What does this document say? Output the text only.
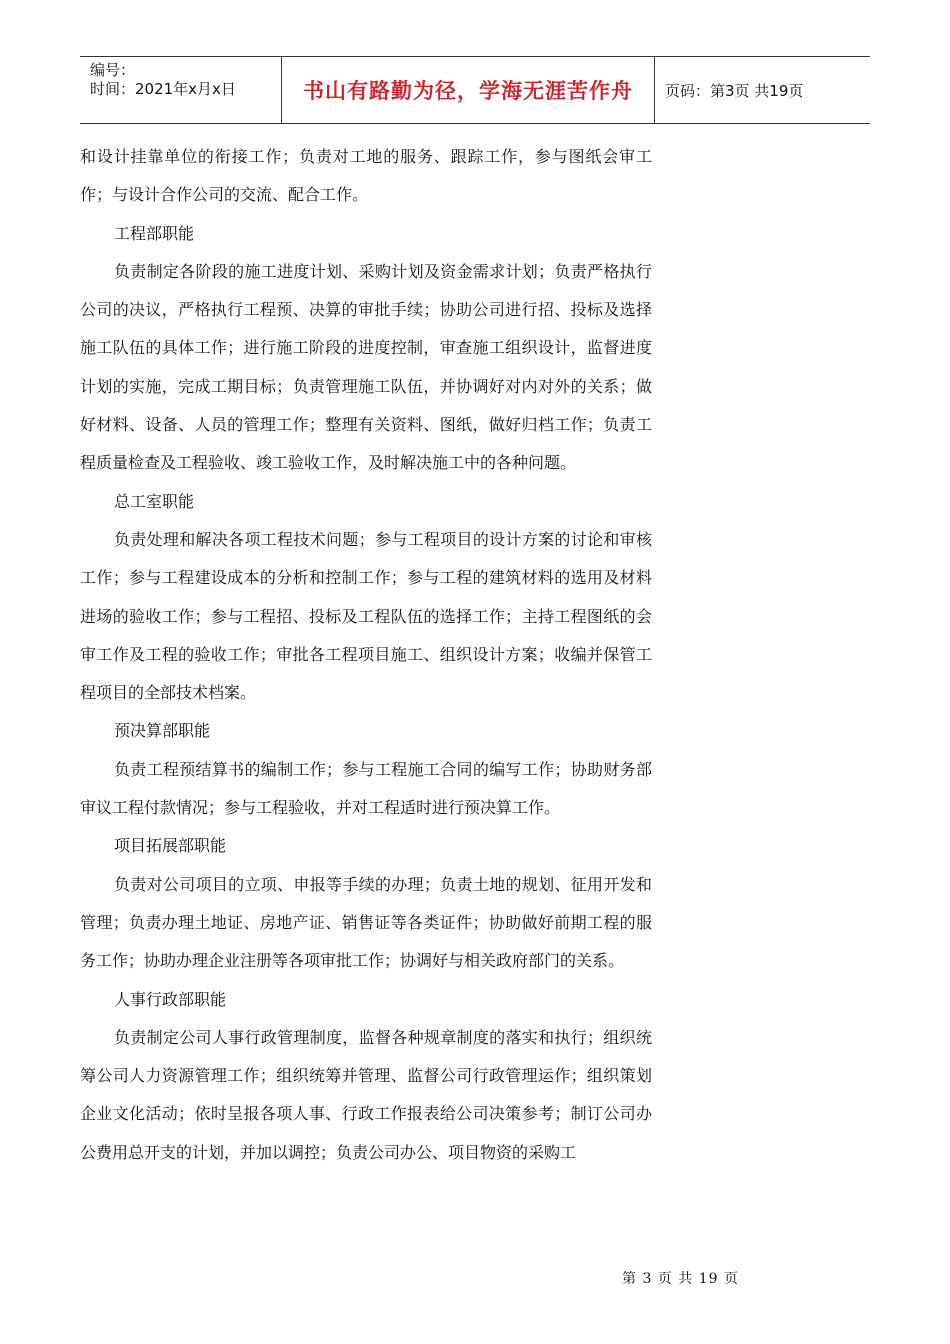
编号：
时间：2021年x月x日	书山有路勤为径，学海无涯苦作舟	页码：第3页 共19页

和设计挂靠单位的衔接工作；负责对工地的服务、跟踪工作，参与图纸会审工作；与设计合作公司的交流、配合工作。

工程部职能

负责制定各阶段的施工进度计划、采购计划及资金需求计划；负责严格执行公司的决议，严格执行工程预、决算的审批手续；协助公司进行招、投标及选择施工队伍的具体工作；进行施工阶段的进度控制，审查施工组织设计，监督进度计划的实施，完成工期目标；负责管理施工队伍，并协调好对内对外的关系；做好材料、设备、人员的管理工作；整理有关资料、图纸，做好归档工作；负责工程质量检查及工程验收、竣工验收工作，及时解决施工中的各种问题。

总工室职能

负责处理和解决各项工程技术问题；参与工程项目的设计方案的讨论和审核工作；参与工程建设成本的分析和控制工作；参与工程的建筑材料的选用及材料进场的验收工作；参与工程招、投标及工程队伍的选择工作；主持工程图纸的会审工作及工程的验收工作；审批各工程项目施工、组织设计方案；收编并保管工程项目的全部技术档案。

预决算部职能

负责工程预结算书的编制工作；参与工程施工合同的编写工作；协助财务部审议工程付款情况；参与工程验收，并对工程适时进行预决算工作。

项目拓展部职能

负责对公司项目的立项、申报等手续的办理；负责土地的规划、征用开发和管理；负责办理土地证、房地产证、销售证等各类证件；协助做好前期工程的服务工作；协助办理企业注册等各项审批工作；协调好与相关政府部门的关系。

人事行政部职能

负责制定公司人事行政管理制度，监督各种规章制度的落实和执行；组织统筹公司人力资源管理工作；组织统筹并管理、监督公司行政管理运作；组织策划企业文化活动；依时呈报各项人事、行政工作报表给公司决策参考；制订公司办公费用总开支的计划，并加以调控；负责公司办公、项目物资的采购工

第 3 页 共 19 页
